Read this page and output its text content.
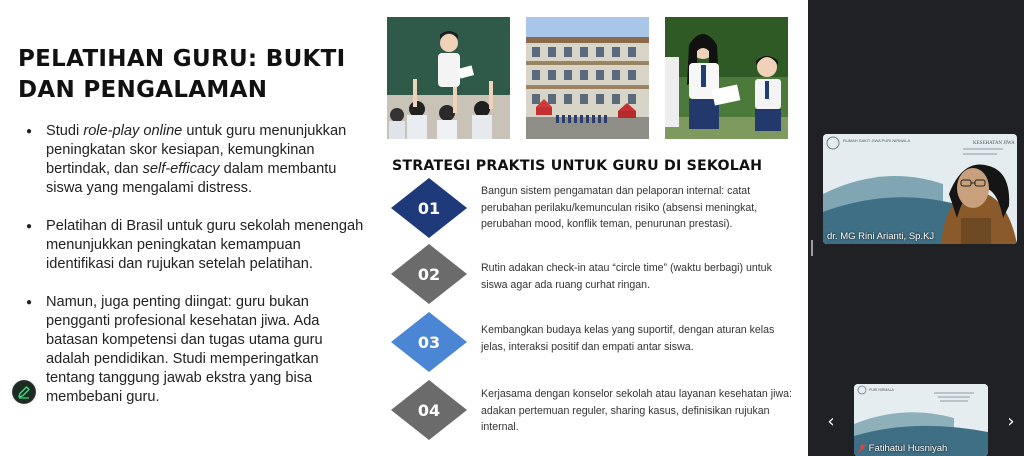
PELATIHAN GURU: BUKTI DAN PENGALAMAN
● Studi role-play online untuk guru menunjukkan peningkatan skor kesiapan, kemungkinan bertindak, dan self-efficacy dalam membantu siswa yang mengalami distress.
● Pelatihan di Brasil untuk guru sekolah menengah menunjukkan peningkatan kemampuan identifikasi dan rujukan setelah pelatihan.
● Namun, juga penting diingat: guru bukan pengganti profesional kesehatan jiwa. Ada batasan kompetensi dan tugas utama guru adalah pendidikan. Studi memperingatkan tentang tanggung jawab ekstra yang bisa membebani guru.
STRATEGI PRAKTIS UNTUK GURU DI SEKOLAH
01
Bangun sistem pengamatan dan pelaporan internal: catat perubahan perilaku/kemunculan risiko (absensi meningkat, perubahan mood, konflik teman, penurunan prestasi).
02	Rutin adakan check-in atau “circle time” (waktu berbagi) untuk siswa agar ada ruang curhat ringan.
03
Kembangkan budaya kelas yang suportif, dengan aturan kelas jelas, interaksi positif dan empati antar siswa.
04
Kerjasama dengan konselor sekolah atau layanan kesehatan jiwa: adakan pertemuan reguler, sharing kasus, definisikan rujukan internal.
RUMAH SAKIT JIWA PURI NIRMALA
KESEHATAN JIWA
dr. MG Rini Arianti, Sp.KJ
PURI NIRMALA
Fatihatul Husniyah
‹	›
